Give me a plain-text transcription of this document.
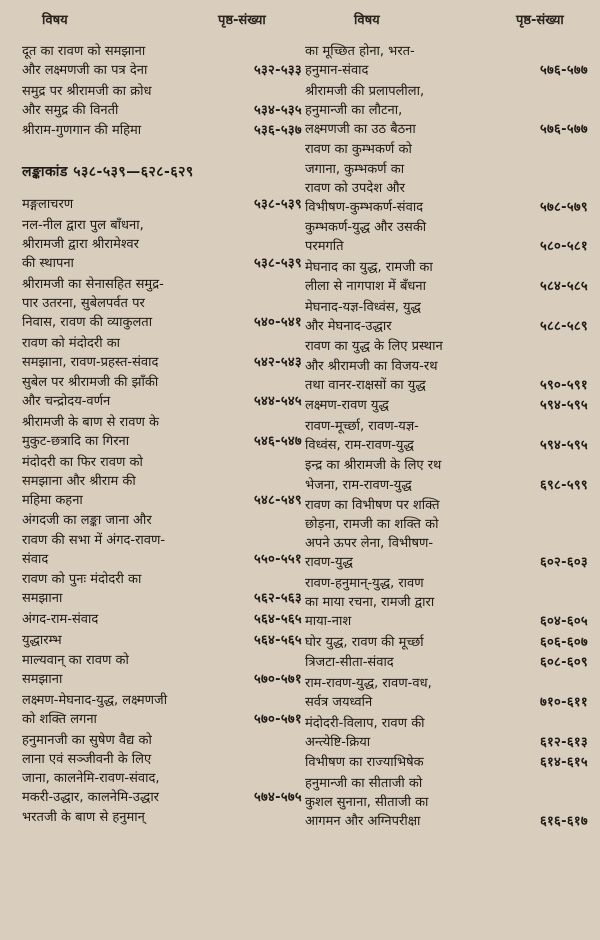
विषय	पृष्ठ-संख्या	विषय	पृष्ठ-संख्या
दूत का रावण को समझाना
और लक्ष्मणजी का पत्र देना	५३२-५३३
समुद्र पर श्रीरामजी का क्रोध
और समुद्र की विनती	५३४-५३५
श्रीराम-गुणगान की महिमा	५३६-५३७
लङ्काकांड ५३८-५३९—६२८-६२९
मङ्गलाचरण	५३८-५३९
नल-नील द्वारा पुल बाँधना,
श्रीरामजी द्वारा श्रीरामेश्वर
की स्थापना	५३८-५३९
श्रीरामजी का सेनासहित समुद्र-
पार उतरना, सुबेलपर्वत पर
निवास, रावण की व्याकुलता	५४०-५४१
रावण को मंदोदरी का
समझाना, रावण-प्रहस्त-संवाद	५४२-५४३
सुबेल पर श्रीरामजी की झाँकी
और चन्द्रोदय-वर्णन	५४४-५४५
श्रीरामजी के बाण से रावण के
मुकुट-छत्रादि का गिरना	५४६-५४७
मंदोदरी का फिर रावण को
समझाना और श्रीराम की
महिमा कहना	५४८-५४९
अंगदजी का लङ्का जाना और
रावण की सभा में अंगद-रावण-
संवाद	५५०-५५१
रावण को पुनः मंदोदरी का
समझाना	५६२-५६३
अंगद-राम-संवाद	५६४-५६५
युद्धारम्भ	५६४-५६५
माल्यवान् का रावण को
समझाना	५७०-५७१
लक्ष्मण-मेघनाद-युद्ध, लक्ष्मणजी
को शक्ति लगना	५७०-५७१
हनुमानजी का सुषेण वैद्य को
लाना एवं सञ्जीवनी के लिए
जाना, कालनेमि-रावण-संवाद,
मकरी-उद्धार, कालनेमि-उद्धार	५७४-५७५
भरतजी के बाण से हनुमान्
का मूच्छित होना, भरत-
हनुमान-संवाद	५७६-५७७
श्रीरामजी की प्रलापलीला,
हनुमान्जी का लौटना,
लक्ष्मणजी का उठ बैठना	५७६-५७७
रावण का कुम्भकर्ण को
जगाना, कुम्भकर्ण का
रावण को उपदेश और
विभीषण-कुम्भकर्ण-संवाद	५७८-५७९
कुम्भकर्ण-युद्ध और उसकी
परमगति	५८०-५८१
मेघनाद का युद्ध, रामजी का
लीला से नागपाश में बँधना	५८४-५८५
मेघनाद-यज्ञ-विध्वंस, युद्ध
और मेघनाद-उद्धार	५८८-५८९
रावण का युद्ध के लिए प्रस्थान
और श्रीरामजी का विजय-रथ
तथा वानर-राक्षसों का युद्ध	५९०-५९१
लक्ष्मण-रावण युद्ध	५९४-५९५
रावण-मूर्च्छा, रावण-यज्ञ-
विध्वंस, राम-रावण-युद्ध	५९४-५९५
इन्द्र का श्रीरामजी के लिए रथ
भेजना, राम-रावण-युद्ध	६९८-५९९
रावण का विभीषण पर शक्ति
छोड़ना, रामजी का शक्ति को
अपने ऊपर लेना, विभीषण-
रावण-युद्ध	६०२-६०३
रावण-हनुमान्-युद्ध, रावण
का माया रचना, रामजी द्वारा
माया-नाश	६०४-६०५
घोर युद्ध, रावण की मूर्च्छा	६०६-६०७
त्रिजटा-सीता-संवाद	६०८-६०९
राम-रावण-युद्ध, रावण-वध,
सर्वत्र जयध्वनि	७१०-६११
मंदोदरी-विलाप, रावण की
अन्त्येष्टि-क्रिया	६१२-६१३
विभीषण का राज्याभिषेक	६१४-६१५
हनुमान्जी का सीताजी को
कुशल सुनाना, सीताजी का
आगमन और अग्निपरीक्षा	६१६-६१७
